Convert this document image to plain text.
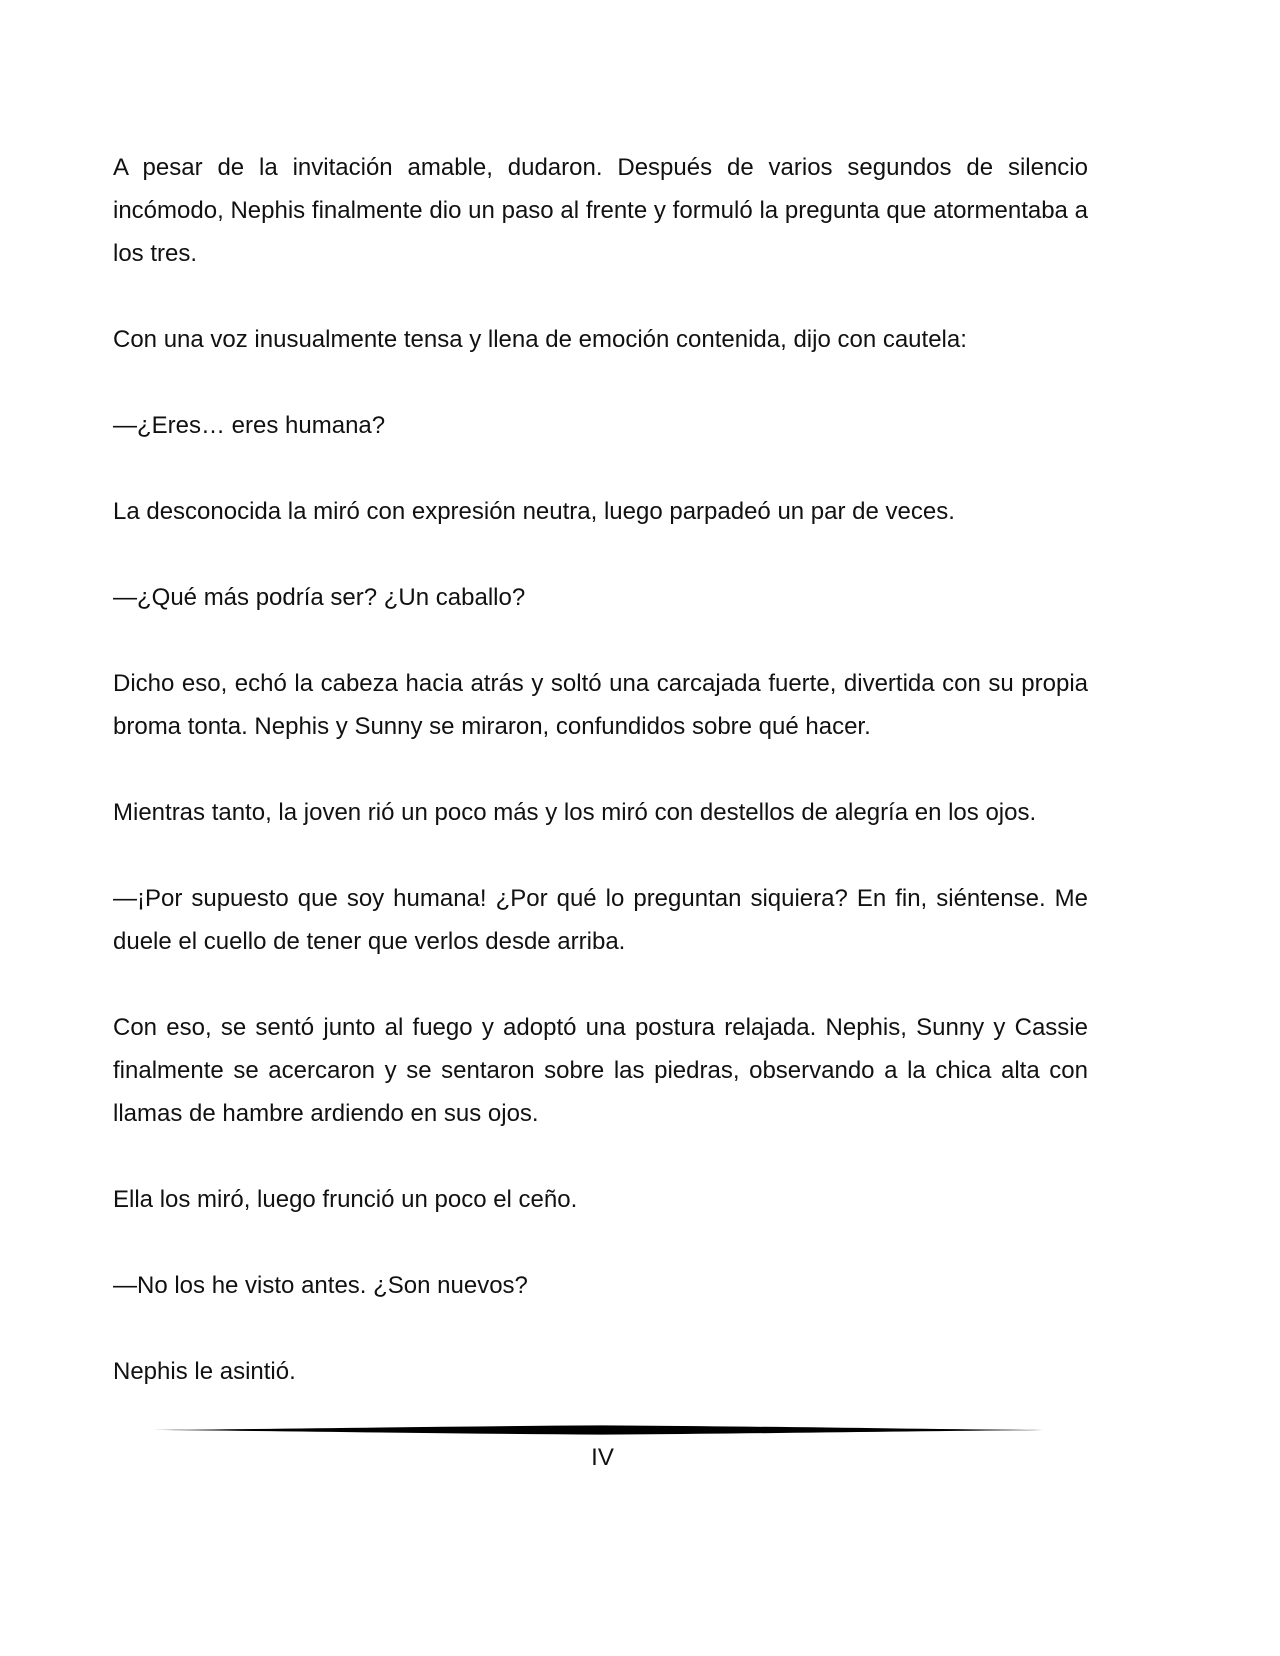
A pesar de la invitación amable, dudaron. Después de varios segundos de silencio incómodo, Nephis finalmente dio un paso al frente y formuló la pregunta que atormentaba a los tres.

Con una voz inusualmente tensa y llena de emoción contenida, dijo con cautela:

—¿Eres… eres humana?

La desconocida la miró con expresión neutra, luego parpadeó un par de veces.

—¿Qué más podría ser? ¿Un caballo?

Dicho eso, echó la cabeza hacia atrás y soltó una carcajada fuerte, divertida con su propia broma tonta. Nephis y Sunny se miraron, confundidos sobre qué hacer.

Mientras tanto, la joven rió un poco más y los miró con destellos de alegría en los ojos.

—¡Por supuesto que soy humana! ¿Por qué lo preguntan siquiera? En fin, siéntense. Me duele el cuello de tener que verlos desde arriba.

Con eso, se sentó junto al fuego y adoptó una postura relajada. Nephis, Sunny y Cassie finalmente se acercaron y se sentaron sobre las piedras, observando a la chica alta con llamas de hambre ardiendo en sus ojos.

Ella los miró, luego frunció un poco el ceño.

—No los he visto antes. ¿Son nuevos?

Nephis le asintió.

IV
